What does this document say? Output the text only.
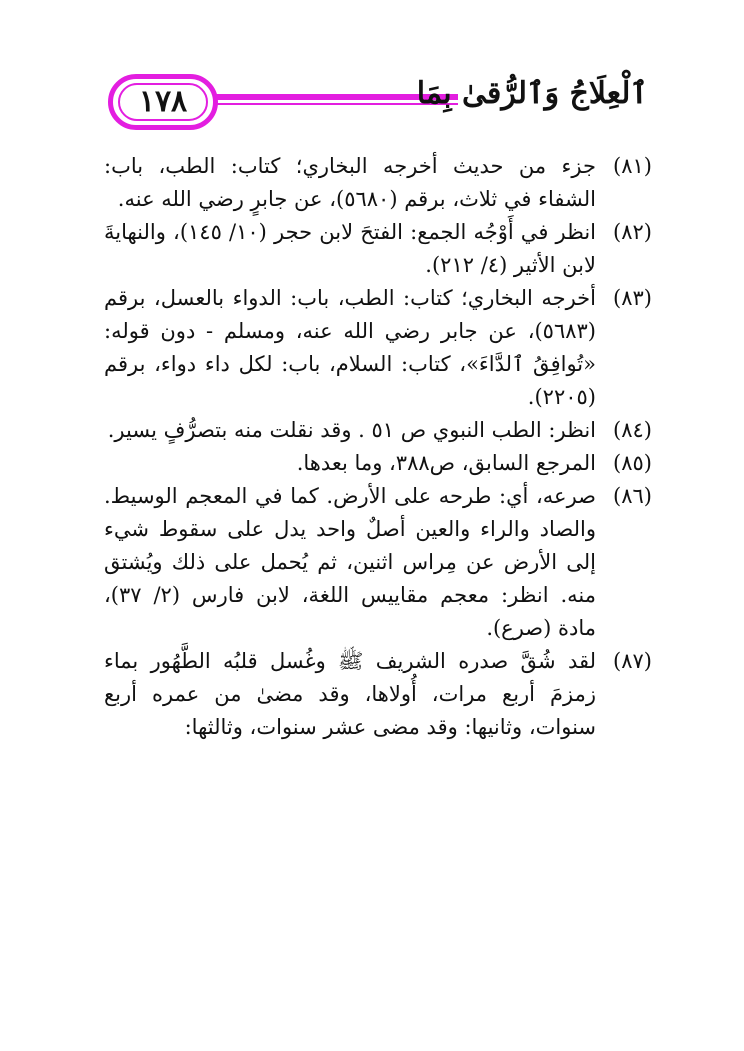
١٧٨	ٱلْعِلَاجُ وَٱلرُّقىٰ بِمَا
(٨١)
جزء من حديث أخرجه البخاري؛ كتاب: الطب، باب: الشفاء في ثلاث، برقم (٥٦٨٠)، عن جابرٍ رضي الله عنه.
(٨٢)
انظر في أَوْجُه الجمع: الفتحَ لابن حجر (١٠/ ١٤٥)، والنهايةَ لابن الأثير (٤/ ٢١٢).
(٨٣)
أخرجه البخاري؛ كتاب: الطب، باب: الدواء بالعسل، برقم (٥٦٨٣)، عن جابر رضي الله عنه، ومسلم - دون قوله: «تُوافِقُ ٱلدَّاءَ»، كتاب: السلام، باب: لكل داء دواء، برقم (٢٢٠٥).
(٨٤)
انظر: الطب النبوي ص ٥١ . وقد نقلت منه بتصرُّفٍ يسير.
(٨٥)
المرجع السابق، ص٣٨٨، وما بعدها.
(٨٦)
صرعه، أي: طرحه على الأرض. كما في المعجم الوسيط. والصاد والراء والعين أصلٌ واحد يدل على سقوط شيء إلى الأرض عن مِراس اثنين، ثم يُحمل على ذلك ويُشتق منه. انظر: معجم مقاييس اللغة، لابن فارس (٢/ ٣٧)، مادة (صرع).
(٨٧)
لقد شُقَّ صدره الشريف ﷺ وغُسل قلبُه الطَّهُور بماء زمزمَ أربع مرات، أُولاها، وقد مضىٰ من عمره أربع سنوات، وثانيها: وقد مضى عشر سنوات، وثالثها:
